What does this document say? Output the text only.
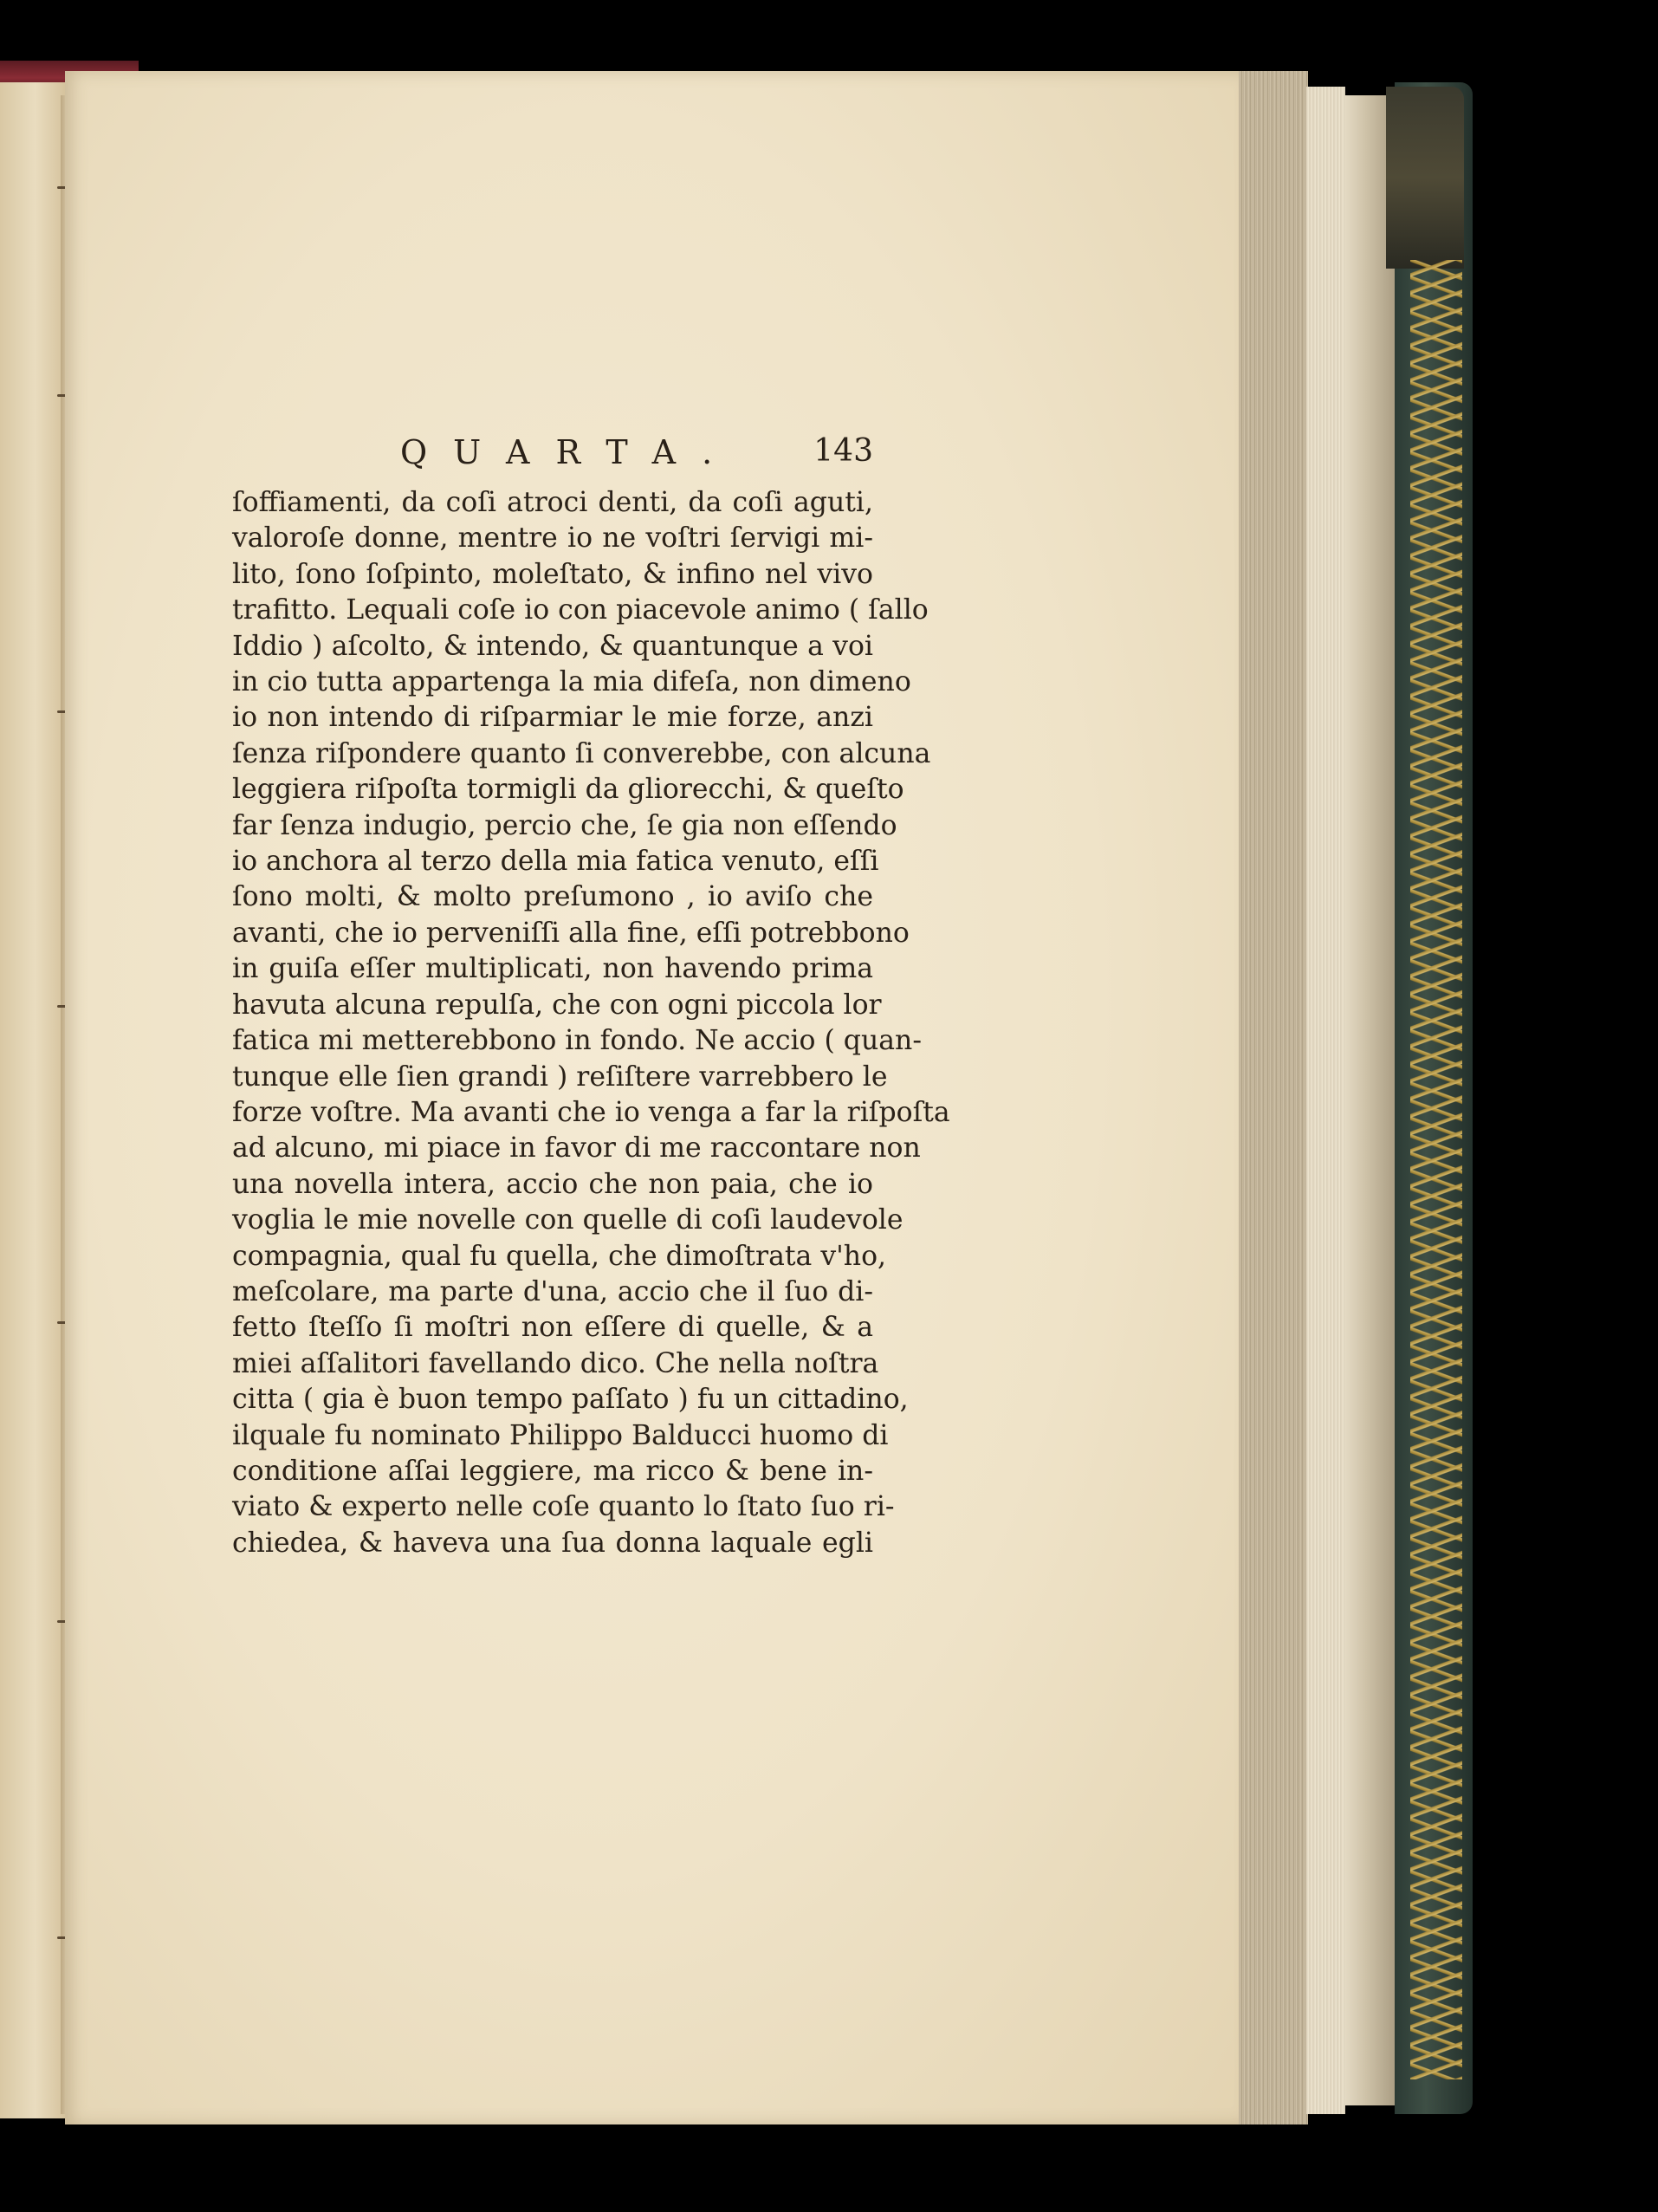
QUARTA. 143
ſoffiamenti, da coſi atroci denti, da coſi aguti,
valoroſe donne, mentre io ne voſtri ſervigi mi-
lito, ſono ſoſpinto, moleſtato, & infino nel vivo
trafitto. Lequali coſe io con piacevole animo ( ſallo
Iddio ) aſcolto, & intendo, & quantunque a voi
in cio tutta appartenga la mia difeſa, non dimeno
io non intendo di riſparmiar le mie forze, anzi
ſenza riſpondere quanto ſi converebbe, con alcuna
leggiera riſpoſta tormigli da gliorecchi, & queſto
far ſenza indugio, percio che, ſe gia non eſſendo
io anchora al terzo della mia fatica venuto, eſſi
ſono molti, & molto preſumono , io aviſo che
avanti, che io perveniſſi alla fine, eſſi potrebbono
in guiſa eſſer multiplicati, non havendo prima
havuta alcuna repulſa, che con ogni piccola lor
fatica mi metterebbono in fondo. Ne accio ( quan-
tunque elle ſien grandi ) reſiſtere varrebbero le
forze voſtre. Ma avanti che io venga a far la riſpoſta
ad alcuno, mi piace in favor di me raccontare non
una novella intera, accio che non paia, che io
voglia le mie novelle con quelle di coſi laudevole
compagnia, qual fu quella, che dimoſtrata v'ho,
meſcolare, ma parte d'una, accio che il ſuo di-
fetto ſteſſo ſi moſtri non eſſere di quelle, & a
miei aſſalitori favellando dico. Che nella noſtra
citta ( gia è buon tempo paſſato ) fu un cittadino,
ilquale fu nominato Philippo Balducci huomo di
conditione aſſai leggiere, ma ricco & bene in-
viato & experto nelle coſe quanto lo ſtato ſuo ri-
chiedea, & haveva una ſua donna laquale egli
